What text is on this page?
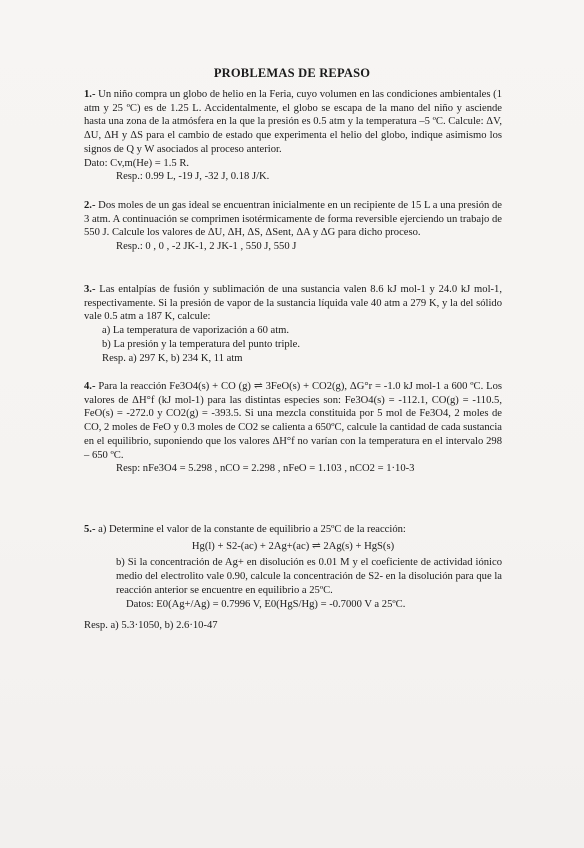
PROBLEMAS DE REPASO

1.- Un niño compra un globo de helio en la Feria, cuyo volumen en las condiciones ambientales (1 atm y 25 ºC) es de 1.25 L. Accidentalmente, el globo se escapa de la mano del niño y asciende hasta una zona de la atmósfera en la que la presión es 0.5 atm y la temperatura –5 ºC. Calcule: ΔV, ΔU, ΔH y ΔS para el cambio de estado que experimenta el helio del globo, indique asimismo los signos de Q y W asociados al proceso anterior.

Dato: Cv,m(He) = 1.5 R.

Resp.: 0.99 L, -19 J, -32 J, 0.18 J/K.

2.- Dos moles de un gas ideal se encuentran inicialmente en un recipiente de 15 L a una presión de 3 atm. A continuación se comprimen isotérmicamente de forma reversible ejerciendo un trabajo de 550 J. Calcule los valores de ΔU, ΔH, ΔS, ΔSent, ΔA y ΔG para dicho proceso.

Resp.: 0 , 0 , -2 JK-1, 2 JK-1 , 550 J, 550 J

3.- Las entalpías de fusión y sublimación de una sustancia valen 8.6 kJ mol-1 y 24.0 kJ mol-1, respectivamente. Si la presión de vapor de la sustancia líquida vale 40 atm a 279 K, y la del sólido vale 0.5 atm a 187 K, calcule:

a) La temperatura de vaporización a 60 atm.

b) La presión y la temperatura del punto triple.

Resp. a) 297 K, b) 234 K, 11 atm

4.- Para la reacción Fe3O4(s) + CO (g) ⇌ 3FeO(s) + CO2(g), ΔG°r = -1.0 kJ mol-1 a 600 ºC. Los valores de ΔH°f (kJ mol-1) para las distintas especies son: Fe3O4(s) = -112.1, CO(g) = -110.5, FeO(s) = -272.0 y CO2(g) = -393.5. Si una mezcla constituida por 5 mol de Fe3O4, 2 moles de CO, 2 moles de FeO y 0.3 moles de CO2 se calienta a 650ºC, calcule la cantidad de cada sustancia en el equilibrio, suponiendo que los valores ΔH°f no varían con la temperatura en el intervalo 298 – 650 ºC.

Resp: nFe3O4 = 5.298 , nCO = 2.298 , nFeO = 1.103 , nCO2 = 1·10-3

5.- a) Determine el valor de la constante de equilibrio a 25ºC de la reacción:

Hg(l) + S2-(ac) + 2Ag+(ac) ⇌ 2Ag(s) + HgS(s)

b) Si la concentración de Ag+ en disolución es 0.01 M y el coeficiente de actividad iónico medio del electrolito vale 0.90, calcule la concentración de S2- en la disolución para que la reacción anterior se encuentre en equilibrio a 25ºC.

Datos: E0(Ag+/Ag) = 0.7996 V, E0(HgS/Hg) = -0.7000 V a 25ºC.

Resp. a) 5.3·1050, b) 2.6·10-47
